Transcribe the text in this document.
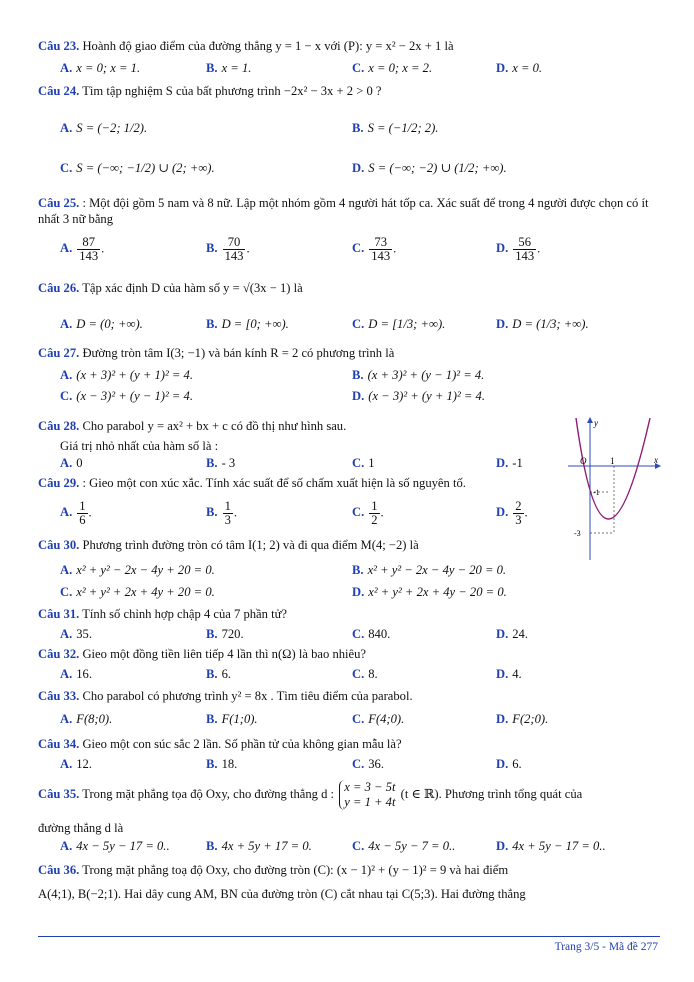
Câu 23. Hoành độ giao điểm của đường thẳng y = 1 − x với (P): y = x² − 2x + 1 là
A. x = 0; x = 1.	B. x = 1.	C. x = 0; x = 2.	D. x = 0.
Câu 24. Tìm tập nghiệm S của bất phương trình −2x² − 3x + 2 > 0 ?
A. S = (−2; 1/2).	B. S = (−1/2; 2).
C. S = (−∞; −1/2) ∪ (2; +∞).	D. S = (−∞; −2) ∪ (1/2; +∞).
Câu 25. : Một đội gồm 5 nam và 8 nữ. Lập một nhóm gồm 4 người hát tốp ca. Xác suất để trong 4 người được chọn có ít nhất 3 nữ bằng
A. $\frac{87}{143}$ .	B. $\frac{70}{143}$ .	C. $\frac{73}{143}$ .	D. $\frac{56}{143}$ .
Câu 26. Tập xác định D của hàm số y = √(3x − 1) là
A. D = (0; +∞).	B. D = [0; +∞).	C. D = [1/3; +∞).	D. D = (1/3; +∞).
Câu 27. Đường tròn tâm I(3; −1) và bán kính R = 2 có phương trình là
A. (x + 3)² + (y + 1)² = 4.	B. (x + 3)² + (y − 1)² = 4.
C. (x − 3)² + (y − 1)² = 4.	D. (x − 3)² + (y + 1)² = 4.
Câu 28. Cho parabol y = ax² + bx + c có đồ thị như hình sau.
Giá trị nhỏ nhất của hàm số là :
A. 0	B. - 3	C. 1	D. -1
y
x
O	1
-1
-3
Câu 29. : Gieo một con xúc xắc. Tính xác suất để số chấm xuất hiện là số nguyên tố.
A. $\frac{1}{6}$ .	B. $\frac{1}{3}$ .	C. $\frac{1}{2}$ .	D. $\frac{2}{3}$ .
Câu 30. Phương trình đường tròn có tâm I(1; 2) và đi qua điểm M(4; −2) là
A. x² + y² − 2x − 4y + 20 = 0.	B. x² + y² − 2x − 4y − 20 = 0.
C. x² + y² + 2x + 4y + 20 = 0.	D. x² + y² + 2x + 4y − 20 = 0.
Câu 31. Tính số chỉnh hợp chập 4 của 7 phần tử?
A. 35.	B. 720.	C. 840.	D. 24.
Câu 32. Gieo một đồng tiền liên tiếp 4 lần thì n(Ω) là bao nhiêu?
A. 16.	B. 6.	C. 8.	D. 4.
Câu 33. Cho parabol có phương trình y² = 8x . Tìm tiêu điểm của parabol.
A. F(8;0).	B. F(1;0).	C. F(4;0).	D. F(2;0).
Câu 34. Gieo một con súc sắc 2 lần. Số phần tử của không gian mẫu là?
A. 12.	B. 18.	C. 36.	D. 6.
Câu 35. Trong mặt phẳng tọa độ Oxy, cho đường thẳng d : x = 3 − 5t
y = 1 + 4t
(t ∈ ℝ). Phương trình tổng quát của
đường thẳng d là
A. 4x − 5y − 17 = 0..	B. 4x + 5y + 17 = 0.	C. 4x − 5y − 7 = 0..	D. 4x + 5y − 17 = 0..
Câu 36. Trong mặt phẳng toạ độ Oxy, cho đường tròn (C): (x − 1)² + (y − 1)² = 9 và hai điểm
A(4;1), B(−2;1). Hai dây cung AM, BN của đường tròn (C) cắt nhau tại C(5;3). Hai đường thẳng
Trang 3/5 - Mã đề 277
